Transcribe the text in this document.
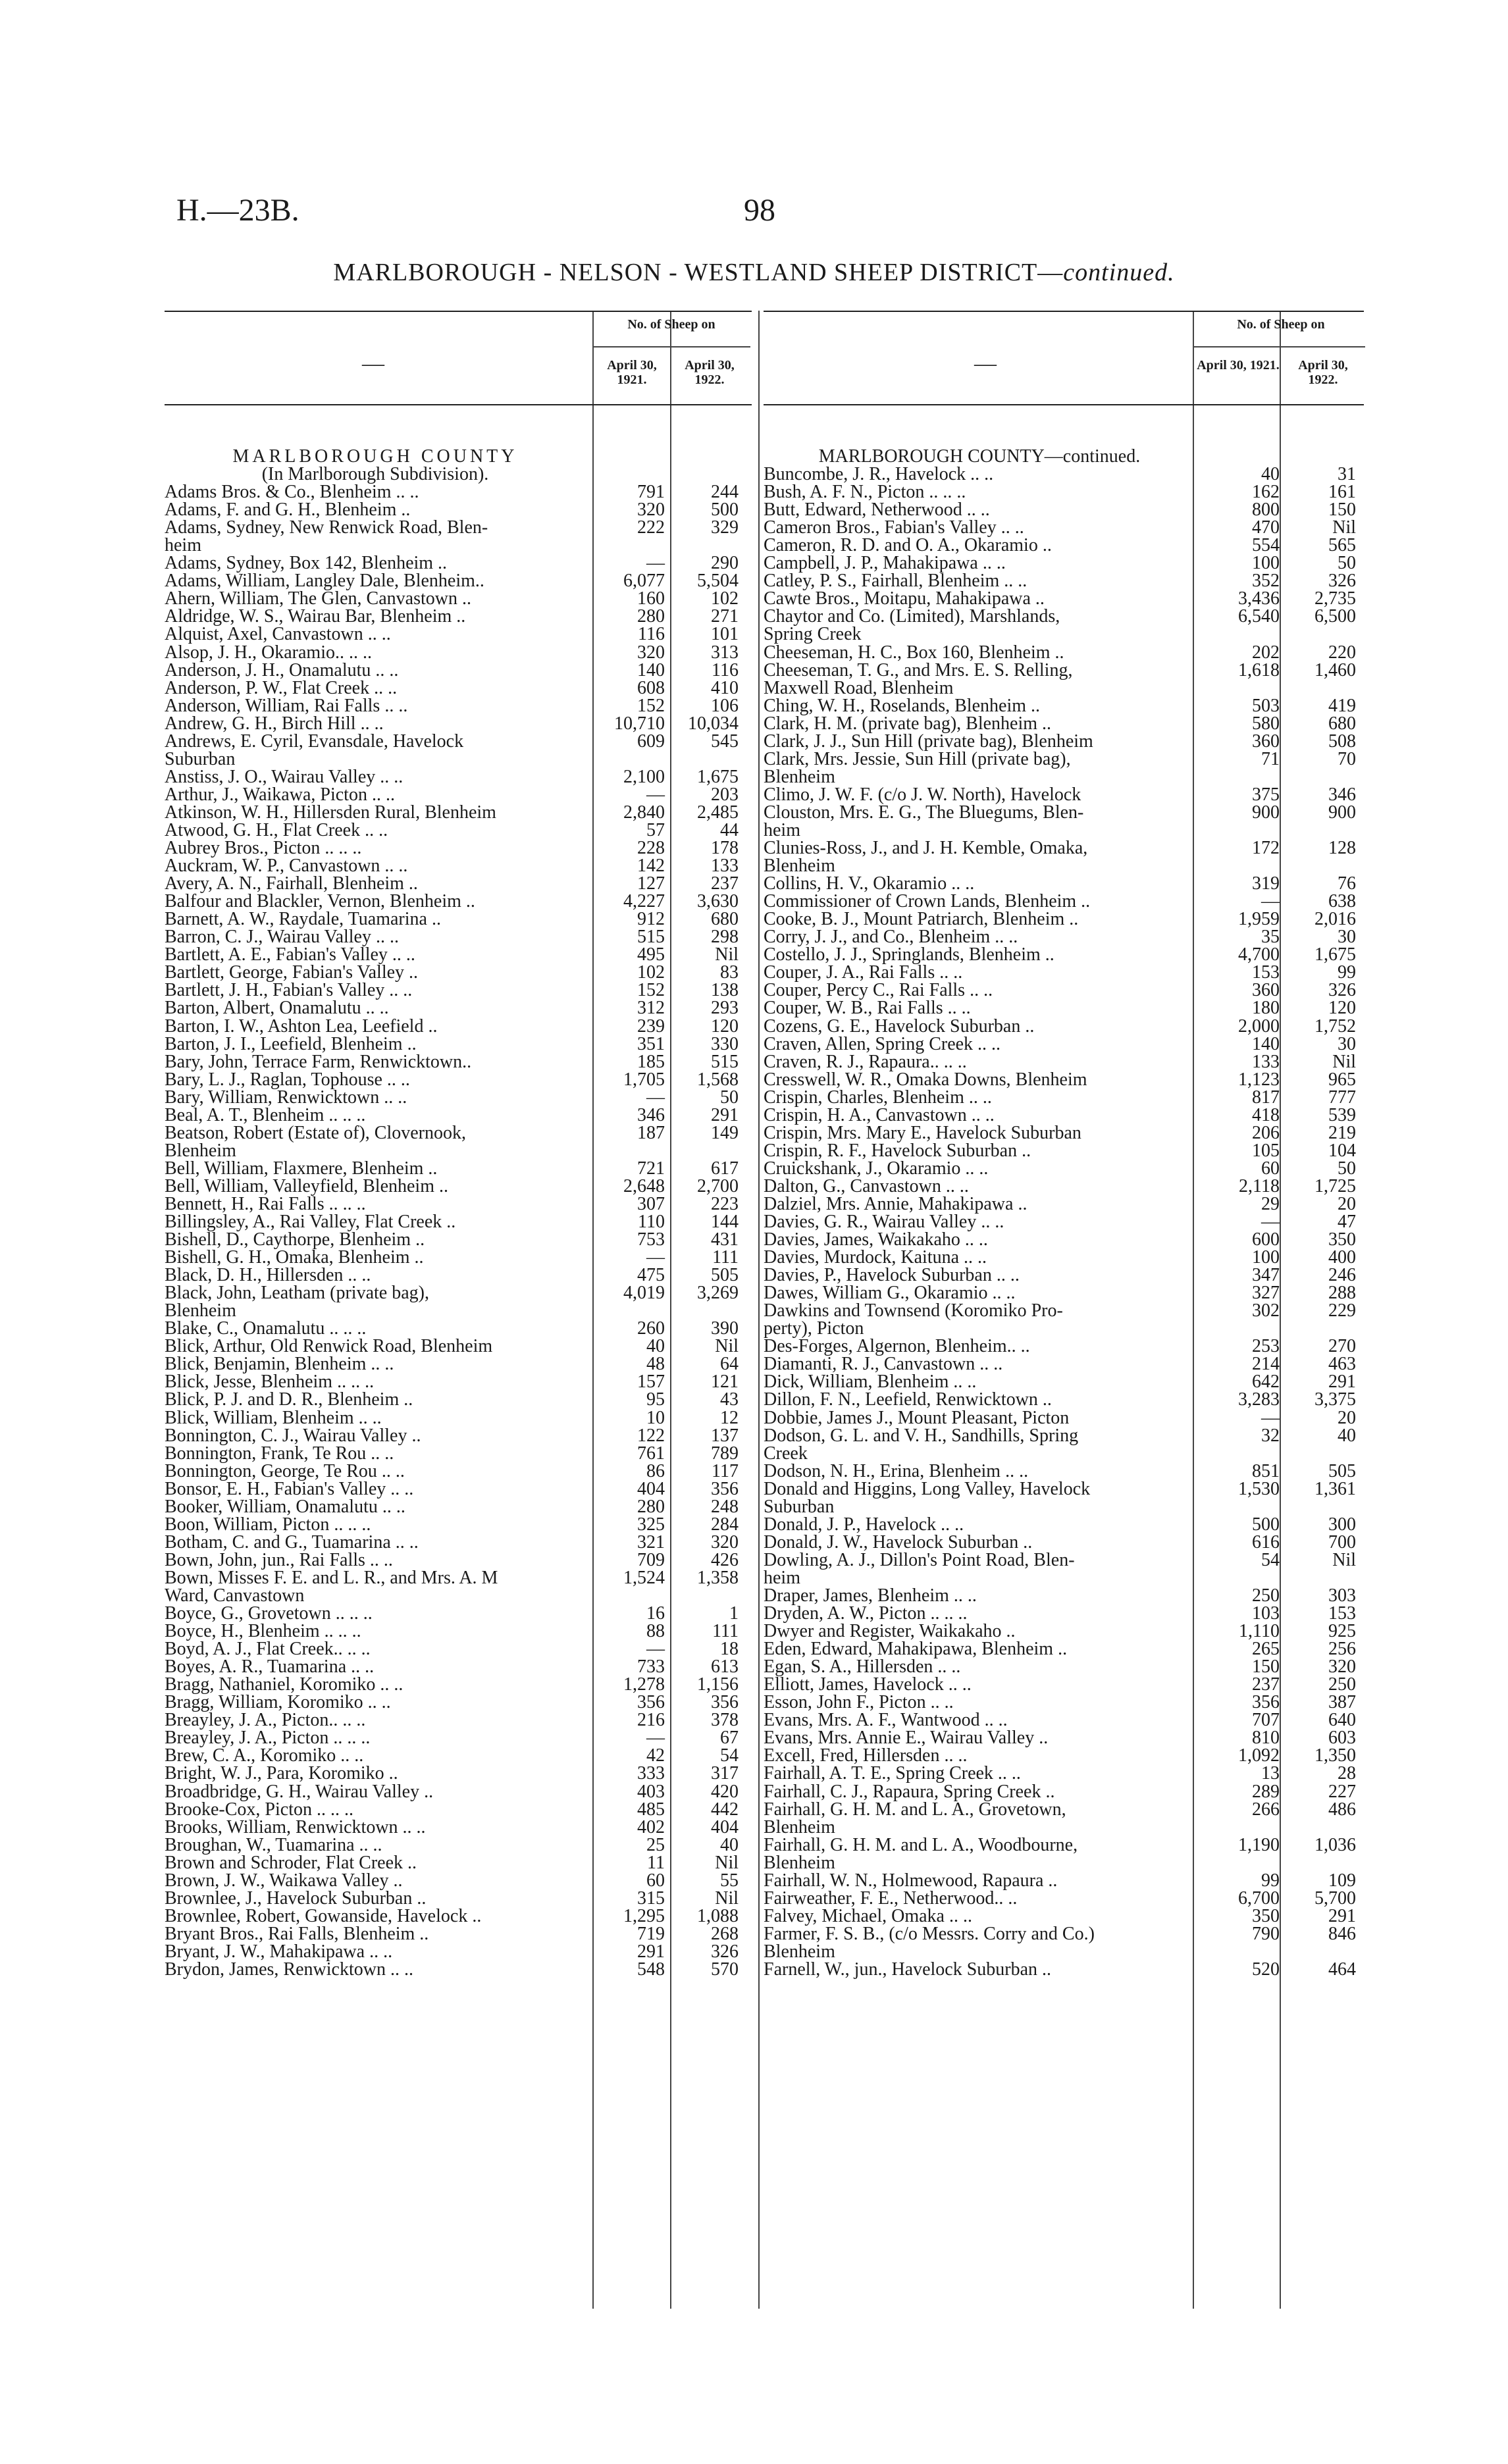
H.—23B.	98
MARLBOROUGH - NELSON - WESTLAND SHEEP DISTRICT—continued.
—
No. of Sheep on
April 30, 1921.
April 30, 1922.
MARLBOROUGH COUNTY
(In Marlborough Subdivision).
Adams Bros. & Co., Blenheim .. ..	791	244
Adams, F. and G. H., Blenheim ..	320	500
Adams, Sydney, New Renwick Road, Blen-	222	329
heim
Adams, Sydney, Box 142, Blenheim ..	—	290
Adams, William, Langley Dale, Blenheim..	6,077	5,504
Ahern, William, The Glen, Canvastown ..	160	102
Aldridge, W. S., Wairau Bar, Blenheim ..	280	271
Alquist, Axel, Canvastown .. ..	116	101
Alsop, J. H., Okaramio.. .. ..	320	313
Anderson, J. H., Onamalutu .. ..	140	116
Anderson, P. W., Flat Creek .. ..	608	410
Anderson, William, Rai Falls .. ..	152	106
Andrew, G. H., Birch Hill .. ..	10,710	10,034
Andrews, E. Cyril, Evansdale, Havelock	609	545
Suburban
Anstiss, J. O., Wairau Valley .. ..	2,100	1,675
Arthur, J., Waikawa, Picton .. ..	—	203
Atkinson, W. H., Hillersden Rural, Blenheim	2,840	2,485
Atwood, G. H., Flat Creek .. ..	57	44
Aubrey Bros., Picton .. .. ..	228	178
Auckram, W. P., Canvastown .. ..	142	133
Avery, A. N., Fairhall, Blenheim ..	127	237
Balfour and Blackler, Vernon, Blenheim ..	4,227	3,630
Barnett, A. W., Raydale, Tuamarina ..	912	680
Barron, C. J., Wairau Valley .. ..	515	298
Bartlett, A. E., Fabian's Valley .. ..	495	Nil
Bartlett, George, Fabian's Valley ..	102	83
Bartlett, J. H., Fabian's Valley .. ..	152	138
Barton, Albert, Onamalutu .. ..	312	293
Barton, I. W., Ashton Lea, Leefield ..	239	120
Barton, J. I., Leefield, Blenheim ..	351	330
Bary, John, Terrace Farm, Renwicktown..	185	515
Bary, L. J., Raglan, Tophouse .. ..	1,705	1,568
Bary, William, Renwicktown .. ..	—	50
Beal, A. T., Blenheim .. .. ..	346	291
Beatson, Robert (Estate of), Clovernook,	187	149
Blenheim
Bell, William, Flaxmere, Blenheim ..	721	617
Bell, William, Valleyfield, Blenheim ..	2,648	2,700
Bennett, H., Rai Falls .. .. ..	307	223
Billingsley, A., Rai Valley, Flat Creek ..	110	144
Bishell, D., Caythorpe, Blenheim ..	753	431
Bishell, G. H., Omaka, Blenheim ..	—	111
Black, D. H., Hillersden .. ..	475	505
Black, John, Leatham (private bag),	4,019	3,269
Blenheim
Blake, C., Onamalutu .. .. ..	260	390
Blick, Arthur, Old Renwick Road, Blenheim	40	Nil
Blick, Benjamin, Blenheim .. ..	48	64
Blick, Jesse, Blenheim .. .. ..	157	121
Blick, P. J. and D. R., Blenheim ..	95	43
Blick, William, Blenheim .. ..	10	12
Bonnington, C. J., Wairau Valley ..	122	137
Bonnington, Frank, Te Rou .. ..	761	789
Bonnington, George, Te Rou .. ..	86	117
Bonsor, E. H., Fabian's Valley .. ..	404	356
Booker, William, Onamalutu .. ..	280	248
Boon, William, Picton .. .. ..	325	284
Botham, C. and G., Tuamarina .. ..	321	320
Bown, John, jun., Rai Falls .. ..	709	426
Bown, Misses F. E. and L. R., and Mrs. A. M	1,524	1,358
Ward, Canvastown
Boyce, G., Grovetown .. .. ..	16	1
Boyce, H., Blenheim .. .. ..	88	111
Boyd, A. J., Flat Creek.. .. ..	—	18
Boyes, A. R., Tuamarina .. ..	733	613
Bragg, Nathaniel, Koromiko .. ..	1,278	1,156
Bragg, William, Koromiko .. ..	356	356
Breayley, J. A., Picton.. .. ..	216	378
Breayley, J. A., Picton .. .. ..	—	67
Brew, C. A., Koromiko .. ..	42	54
Bright, W. J., Para, Koromiko ..	333	317
Broadbridge, G. H., Wairau Valley ..	403	420
Brooke-Cox, Picton .. .. ..	485	442
Brooks, William, Renwicktown .. ..	402	404
Broughan, W., Tuamarina .. ..	25	40
Brown and Schroder, Flat Creek ..	11	Nil
Brown, J. W., Waikawa Valley ..	60	55
Brownlee, J., Havelock Suburban ..	315	Nil
Brownlee, Robert, Gowanside, Havelock ..	1,295	1,088
Bryant Bros., Rai Falls, Blenheim ..	719	268
Bryant, J. W., Mahakipawa .. ..	291	326
Brydon, James, Renwicktown .. ..	548	570
—
No. of Sheep on
April 30, 1921.	April 30, 1922.
MARLBOROUGH COUNTY—continued.
Buncombe, J. R., Havelock .. ..	40	31
Bush, A. F. N., Picton .. .. ..	162	161
Butt, Edward, Netherwood .. ..	800	150
Cameron Bros., Fabian's Valley .. ..	470	Nil
Cameron, R. D. and O. A., Okaramio ..	554	565
Campbell, J. P., Mahakipawa .. ..	100	50
Catley, P. S., Fairhall, Blenheim .. ..	352	326
Cawte Bros., Moitapu, Mahakipawa ..	3,436	2,735
Chaytor and Co. (Limited), Marshlands,	6,540	6,500
Spring Creek
Cheeseman, H. C., Box 160, Blenheim ..	202	220
Cheeseman, T. G., and Mrs. E. S. Relling,	1,618	1,460
Maxwell Road, Blenheim
Ching, W. H., Roselands, Blenheim ..	503	419
Clark, H. M. (private bag), Blenheim ..	580	680
Clark, J. J., Sun Hill (private bag), Blenheim	360	508
Clark, Mrs. Jessie, Sun Hill (private bag),	71	70
Blenheim
Climo, J. W. F. (c/o J. W. North), Havelock	375	346
Clouston, Mrs. E. G., The Bluegums, Blen-	900	900
heim
Clunies-Ross, J., and J. H. Kemble, Omaka,	172	128
Blenheim
Collins, H. V., Okaramio .. ..	319	76
Commissioner of Crown Lands, Blenheim ..	—	638
Cooke, B. J., Mount Patriarch, Blenheim ..	1,959	2,016
Corry, J. J., and Co., Blenheim .. ..	35	30
Costello, J. J., Springlands, Blenheim ..	4,700	1,675
Couper, J. A., Rai Falls .. ..	153	99
Couper, Percy C., Rai Falls .. ..	360	326
Couper, W. B., Rai Falls .. ..	180	120
Cozens, G. E., Havelock Suburban ..	2,000	1,752
Craven, Allen, Spring Creek .. ..	140	30
Craven, R. J., Rapaura.. .. ..	133	Nil
Cresswell, W. R., Omaka Downs, Blenheim	1,123	965
Crispin, Charles, Blenheim .. ..	817	777
Crispin, H. A., Canvastown .. ..	418	539
Crispin, Mrs. Mary E., Havelock Suburban	206	219
Crispin, R. F., Havelock Suburban ..	105	104
Cruickshank, J., Okaramio .. ..	60	50
Dalton, G., Canvastown .. ..	2,118	1,725
Dalziel, Mrs. Annie, Mahakipawa ..	29	20
Davies, G. R., Wairau Valley .. ..	—	47
Davies, James, Waikakaho .. ..	600	350
Davies, Murdock, Kaituna .. ..	100	400
Davies, P., Havelock Suburban .. ..	347	246
Dawes, William G., Okaramio .. ..	327	288
Dawkins and Townsend (Koromiko Pro-	302	229
perty), Picton
Des-Forges, Algernon, Blenheim.. ..	253	270
Diamanti, R. J., Canvastown .. ..	214	463
Dick, William, Blenheim .. ..	642	291
Dillon, F. N., Leefield, Renwicktown ..	3,283	3,375
Dobbie, James J., Mount Pleasant, Picton	—	20
Dodson, G. L. and V. H., Sandhills, Spring	32	40
Creek
Dodson, N. H., Erina, Blenheim .. ..	851	505
Donald and Higgins, Long Valley, Havelock	1,530	1,361
Suburban
Donald, J. P., Havelock .. ..	500	300
Donald, J. W., Havelock Suburban ..	616	700
Dowling, A. J., Dillon's Point Road, Blen-	54	Nil
heim
Draper, James, Blenheim .. ..	250	303
Dryden, A. W., Picton .. .. ..	103	153
Dwyer and Register, Waikakaho ..	1,110	925
Eden, Edward, Mahakipawa, Blenheim ..	265	256
Egan, S. A., Hillersden .. ..	150	320
Elliott, James, Havelock .. ..	237	250
Esson, John F., Picton .. ..	356	387
Evans, Mrs. A. F., Wantwood .. ..	707	640
Evans, Mrs. Annie E., Wairau Valley ..	810	603
Excell, Fred, Hillersden .. ..	1,092	1,350
Fairhall, A. T. E., Spring Creek .. ..	13	28
Fairhall, C. J., Rapaura, Spring Creek ..	289	227
Fairhall, G. H. M. and L. A., Grovetown,	266	486
Blenheim
Fairhall, G. H. M. and L. A., Woodbourne,	1,190	1,036
Blenheim
Fairhall, W. N., Holmewood, Rapaura ..	99	109
Fairweather, F. E., Netherwood.. ..	6,700	5,700
Falvey, Michael, Omaka .. ..	350	291
Farmer, F. S. B., (c/o Messrs. Corry and Co.)	790	846
Blenheim
Farnell, W., jun., Havelock Suburban ..	520	464
